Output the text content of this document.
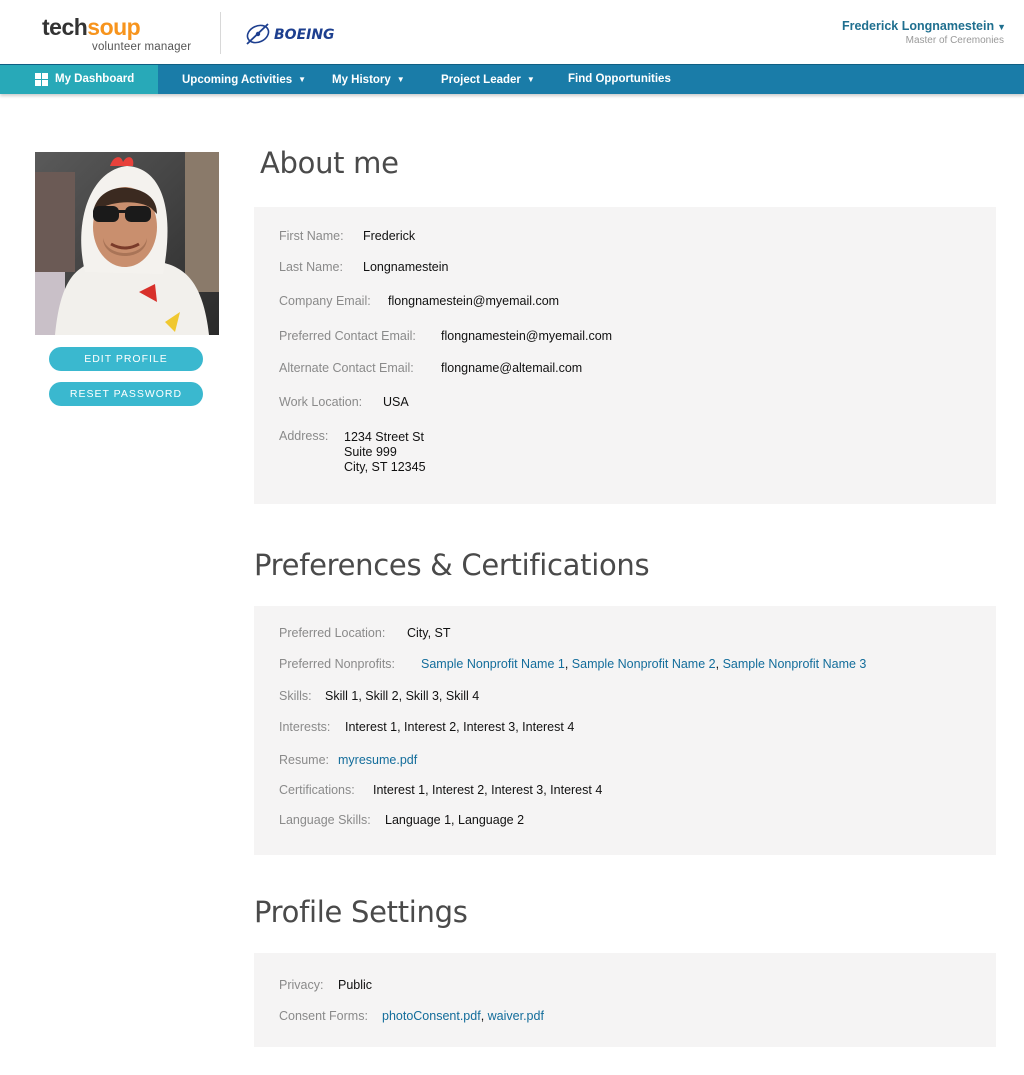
techsoup
volunteer manager
BOEING
Frederick Longnamestein ▼
Master of Ceremonies
My Dashboard	Upcoming Activities ▼ My History ▼	Project Leader ▼	Find Opportunities
EDIT PROFILE
RESET PASSWORD
About me
First Name: Frederick
Last Name: Longnamestein
Company Email: flongnamestein@myemail.com
Preferred Contact Email: flongnamestein@myemail.com
Alternate Contact Email: flongname@altemail.com
Work Location: USA
Address: 1234 Street St
Suite 999
City, ST 12345
Preferences & Certifications
Preferred Location: City, ST
Preferred Nonprofits: Sample Nonprofit Name 1, Sample Nonprofit Name 2, Sample Nonprofit Name 3
Skills: Skill 1, Skill 2, Skill 3, Skill 4
Interests: Interest 1, Interest 2, Interest 3, Interest 4
Resume: myresume.pdf
Certifications: Interest 1, Interest 2, Interest 3, Interest 4
Language Skills: Language 1, Language 2
Profile Settings
Privacy: Public
Consent Forms: photoConsent.pdf, waiver.pdf
